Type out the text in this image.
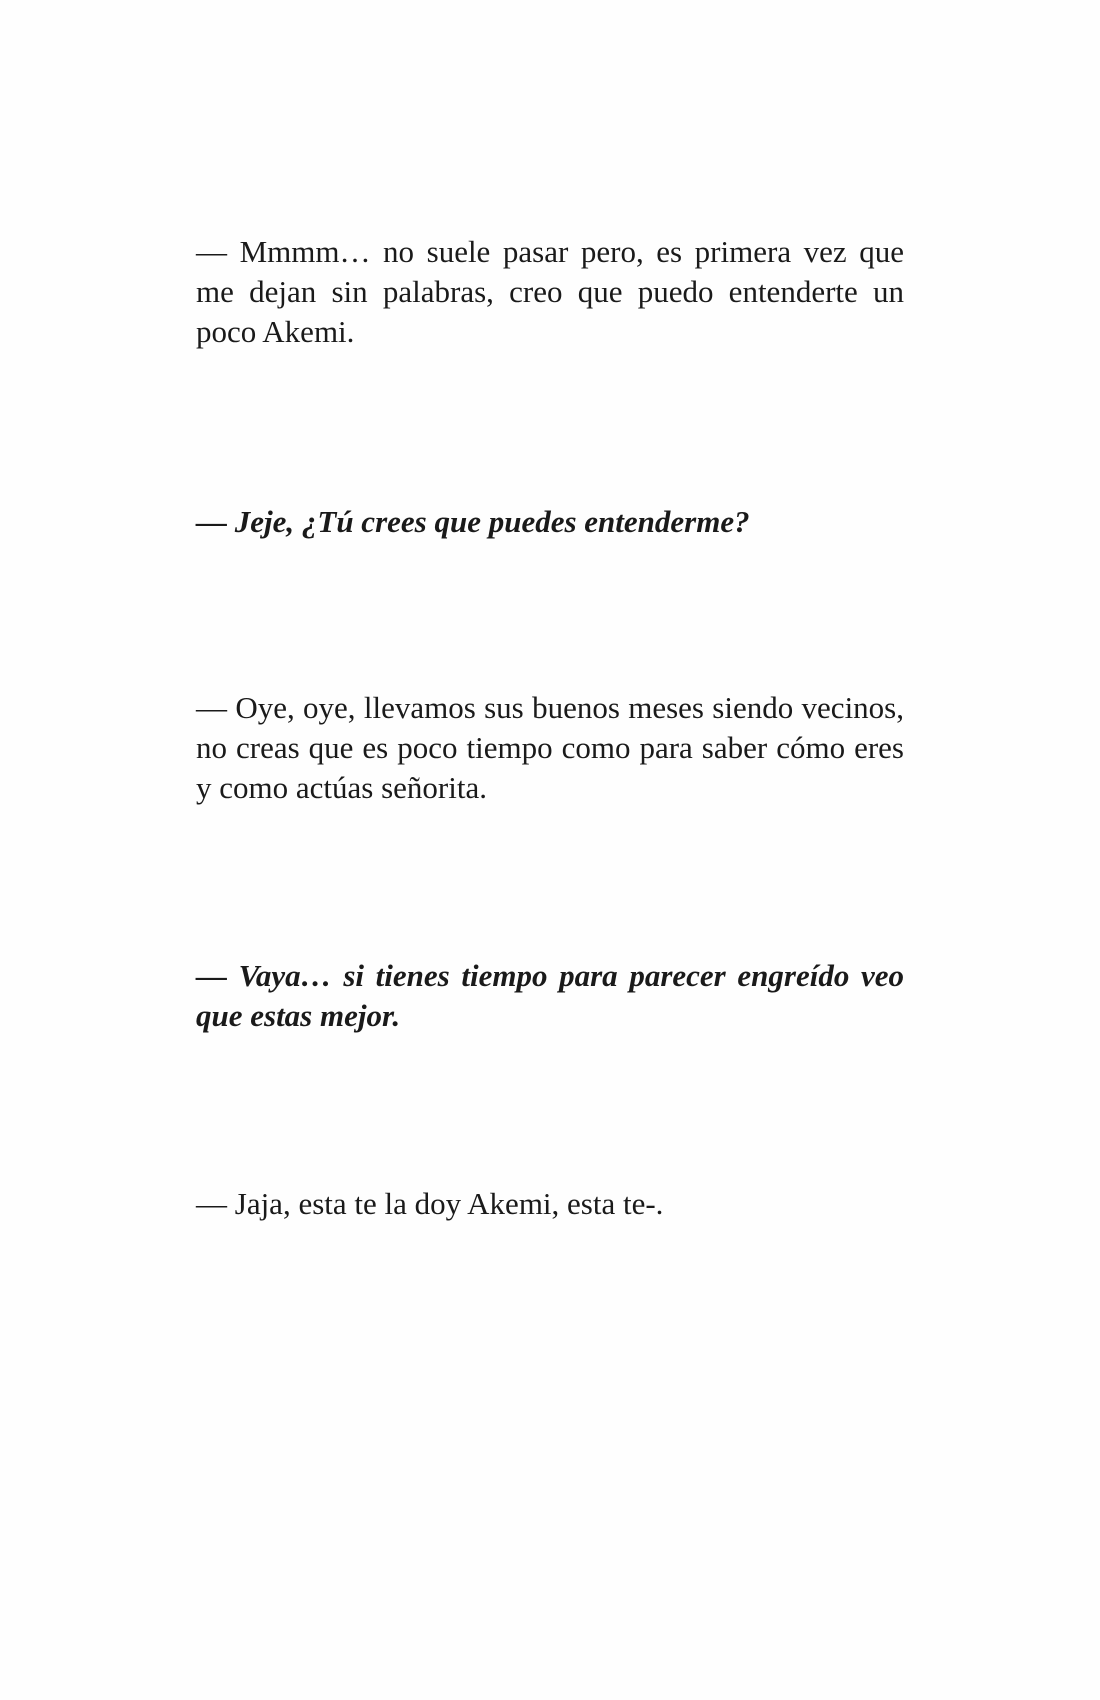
— Mmmm… no suele pasar pero, es primera vez que me dejan sin palabras, creo que puedo entenderte un poco Akemi.

— Jeje, ¿Tú crees que puedes entenderme?

— Oye, oye, llevamos sus buenos meses siendo vecinos, no creas que es poco tiempo como para saber cómo eres y como actúas señorita.

— Vaya… si tienes tiempo para parecer engreído veo que estas mejor.

— Jaja, esta te la doy Akemi, esta te-.
